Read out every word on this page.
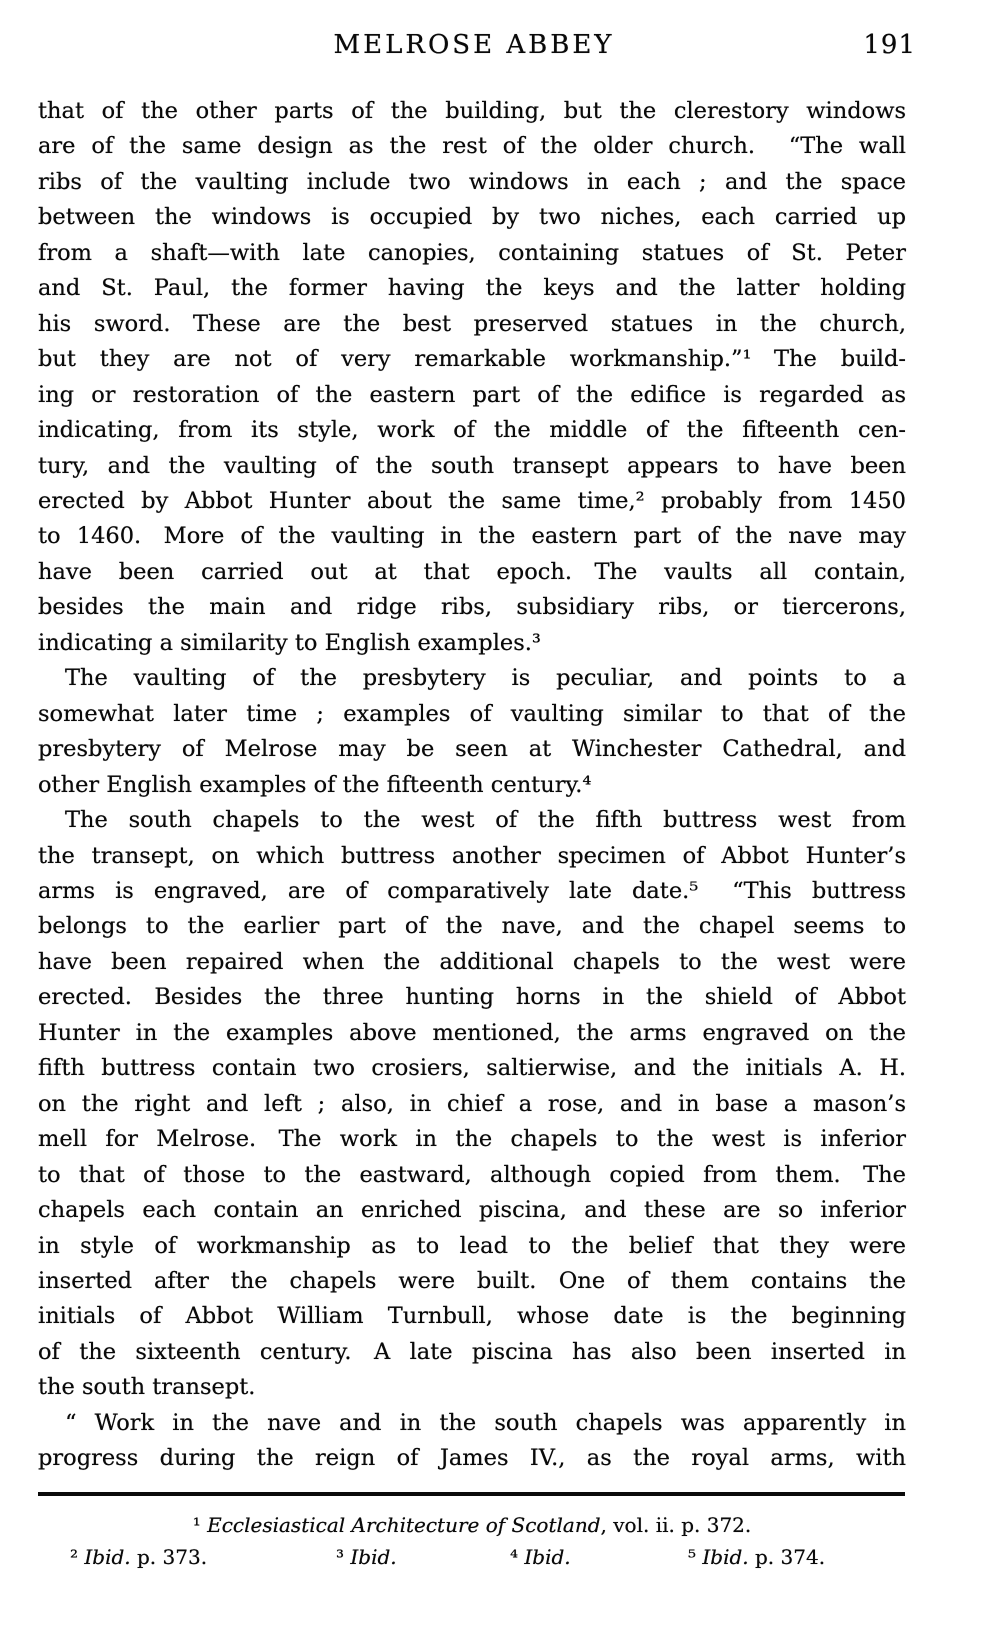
MELROSE ABBEY	191
that of the other parts of the building, but the clerestory windows
are of the same design as the rest of the older church.  “The wall
ribs of the vaulting include two windows in each ; and the space
between the windows is occupied by two niches, each carried up
from a shaft—with late canopies, containing statues of St. Peter
and St. Paul, the former having the keys and the latter holding
his sword. These are the best preserved statues in the church,
but they are not of very remarkable workmanship.”¹ The build-
ing or restoration of the eastern part of the edifice is regarded as
indicating, from its style, work of the middle of the fifteenth cen-
tury, and the vaulting of the south transept appears to have been
erected by Abbot Hunter about the same time,² probably from 1450
to 1460. More of the vaulting in the eastern part of the nave may
have been carried out at that epoch. The vaults all contain,
besides the main and ridge ribs, subsidiary ribs, or tiercerons,
indicating a similarity to English examples.³
The vaulting of the presbytery is peculiar, and points to a
somewhat later time ; examples of vaulting similar to that of the
presbytery of Melrose may be seen at Winchester Cathedral, and
other English examples of the fifteenth century.⁴
The south chapels to the west of the fifth buttress west from
the transept, on which buttress another specimen of Abbot Hunter’s
arms is engraved, are of comparatively late date.⁵  “This buttress
belongs to the earlier part of the nave, and the chapel seems to
have been repaired when the additional chapels to the west were
erected. Besides the three hunting horns in the shield of Abbot
Hunter in the examples above mentioned, the arms engraved on the
fifth buttress contain two crosiers, saltierwise, and the initials A. H.
on the right and left ; also, in chief a rose, and in base a mason’s
mell for Melrose. The work in the chapels to the west is inferior
to that of those to the eastward, although copied from them. The
chapels each contain an enriched piscina, and these are so inferior
in style of workmanship as to lead to the belief that they were
inserted after the chapels were built. One of them contains the
initials of Abbot William Turnbull, whose date is the beginning
of the sixteenth century. A late piscina has also been inserted in
the south transept.
“ Work in the nave and in the south chapels was apparently in
progress during the reign of James IV., as the royal arms, with
¹ Ecclesiastical Architecture of Scotland, vol. ii. p. 372.
² Ibid. p. 373.	³ Ibid.	⁴ Ibid.	⁵ Ibid. p. 374.
